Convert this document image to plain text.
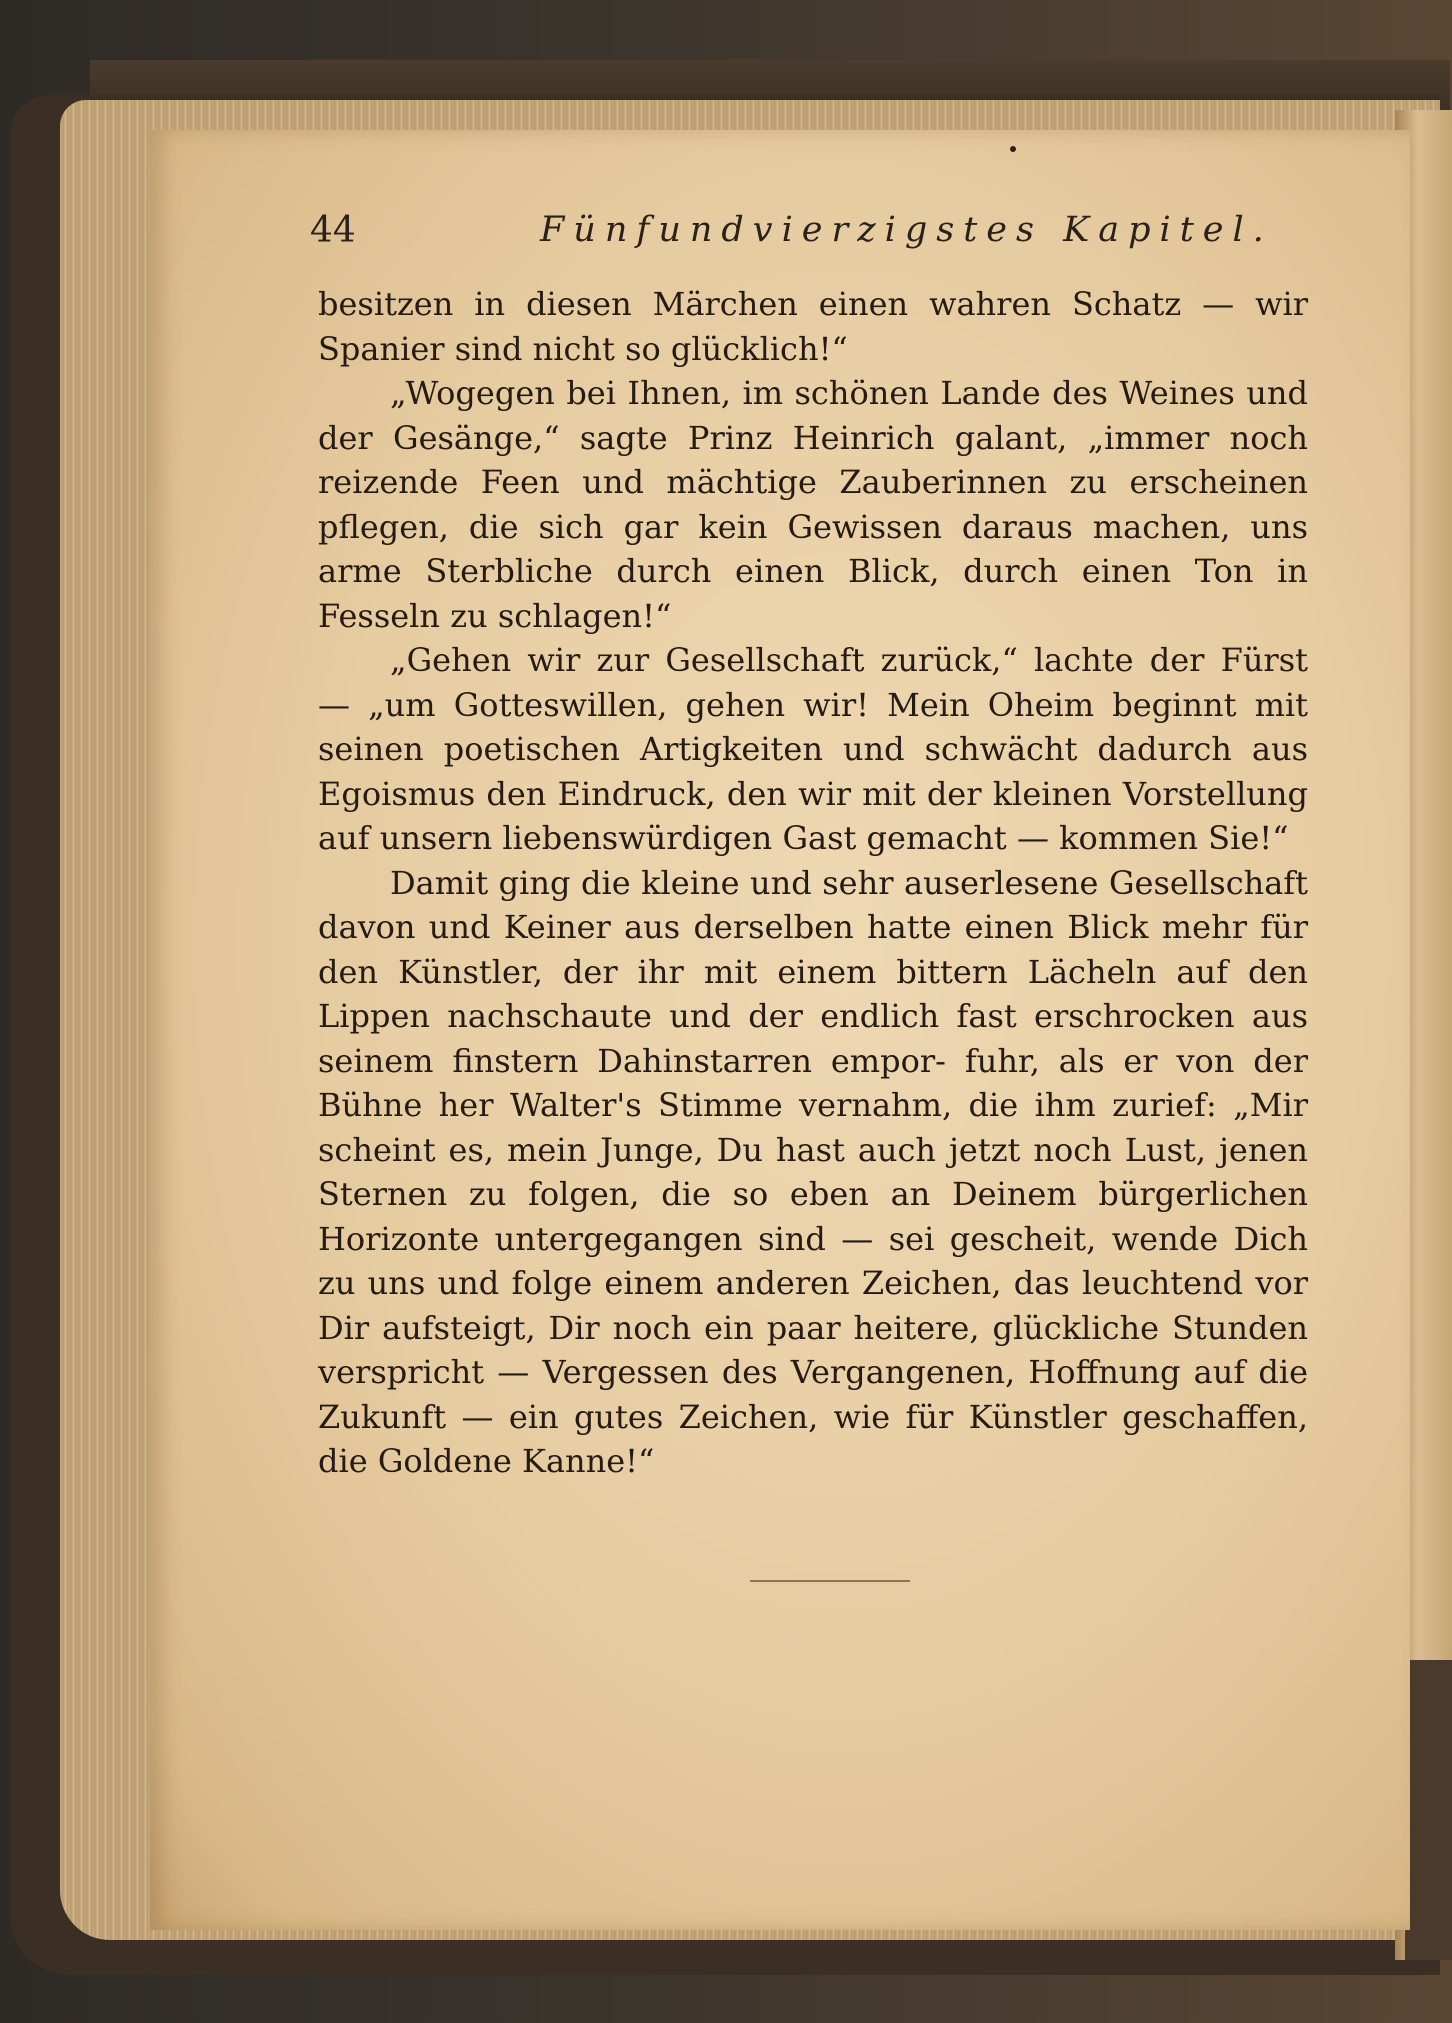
44	Fünfundvierzigstes Kapitel.

besitzen in diesen Märchen einen wahren Schatz — wir Spanier sind nicht so glücklich!“

„Wogegen bei Ihnen, im schönen Lande des Weines und der Gesänge,“ sagte Prinz Heinrich galant, „immer noch reizende Feen und mächtige Zauberinnen zu erscheinen pflegen, die sich gar kein Gewissen daraus machen, uns arme Sterbliche durch einen Blick, durch einen Ton in Fesseln zu schlagen!“

„Gehen wir zur Gesellschaft zurück,“ lachte der Fürst — „um Gotteswillen, gehen wir! Mein Oheim beginnt mit seinen poetischen Artigkeiten und schwächt dadurch aus Egoismus den Eindruck, den wir mit der kleinen Vorstellung auf unsern liebenswürdigen Gast gemacht — kommen Sie!“

Damit ging die kleine und sehr auserlesene Gesellschaft davon und Keiner aus derselben hatte einen Blick mehr für den Künstler, der ihr mit einem bittern Lächeln auf den Lippen nachschaute und der endlich fast erschrocken aus seinem finstern Dahinstarren empor- fuhr, als er von der Bühne her Walter's Stimme vernahm, die ihm zurief: „Mir scheint es, mein Junge, Du hast auch jetzt noch Lust, jenen Sternen zu folgen, die so eben an Deinem bürgerlichen Horizonte untergegangen sind — sei gescheit, wende Dich zu uns und folge einem anderen Zeichen, das leuchtend vor Dir aufsteigt, Dir noch ein paar heitere, glückliche Stunden verspricht — Vergessen des Vergangenen, Hoffnung auf die Zukunft — ein gutes Zeichen, wie für Künstler geschaffen, die Goldene Kanne!“
